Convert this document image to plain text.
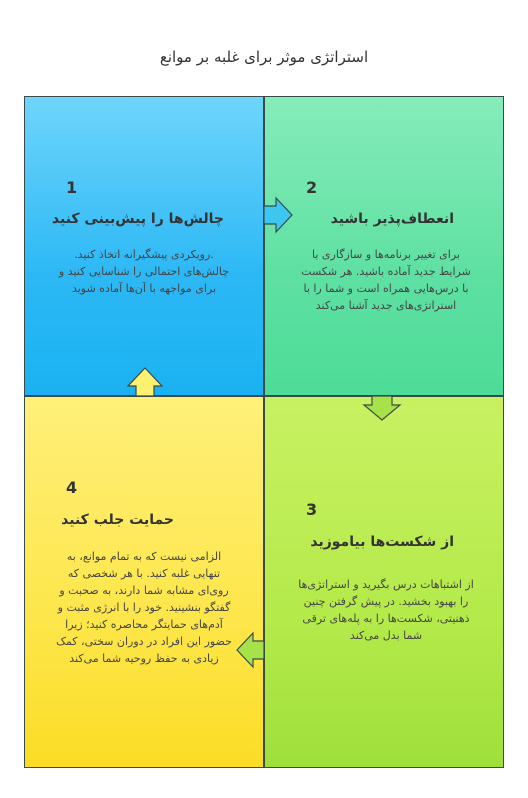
استراتژی موثر برای غلبه بر موانع
1
چالش‌ها را پیش‌بینی کنید
.رویکردی پیشگیرانه اتخاذ کنید. چالش‌های احتمالی را شناسایی کنید و برای مواجهه با آن‌ها آماده شوید
2
انعطاف‌پذیر باشید
برای تغییر برنامه‌ها و سازگاری با شرایط جدید آماده باشید. هر شکست با درس‌هایی همراه است و شما را با استراتژی‌های جدید آشنا می‌کند
3
از شکست‌ها بیاموزید
از اشتباهات درس بگیرید و استراتژی‌ها را بهبود بخشید. در پیش گرفتن چنین ذهنیتی، شکست‌ها را به پله‌های ترقی شما بدل می‌کند
4
حمایت جلب کنید
الزامی نیست که به تمام موانع، به تنهایی غلبه کنید. با هر شخصی که روی‌ای مشابه شما دارند، به صحبت و گفتگو بنشینید. خود را با انرژی مثبت و آدم‌های حمایتگر محاصره کنید؛ زیرا حضور این افراد در دوران سختی، کمک زیادی به حفظ روحیه شما می‌کند
